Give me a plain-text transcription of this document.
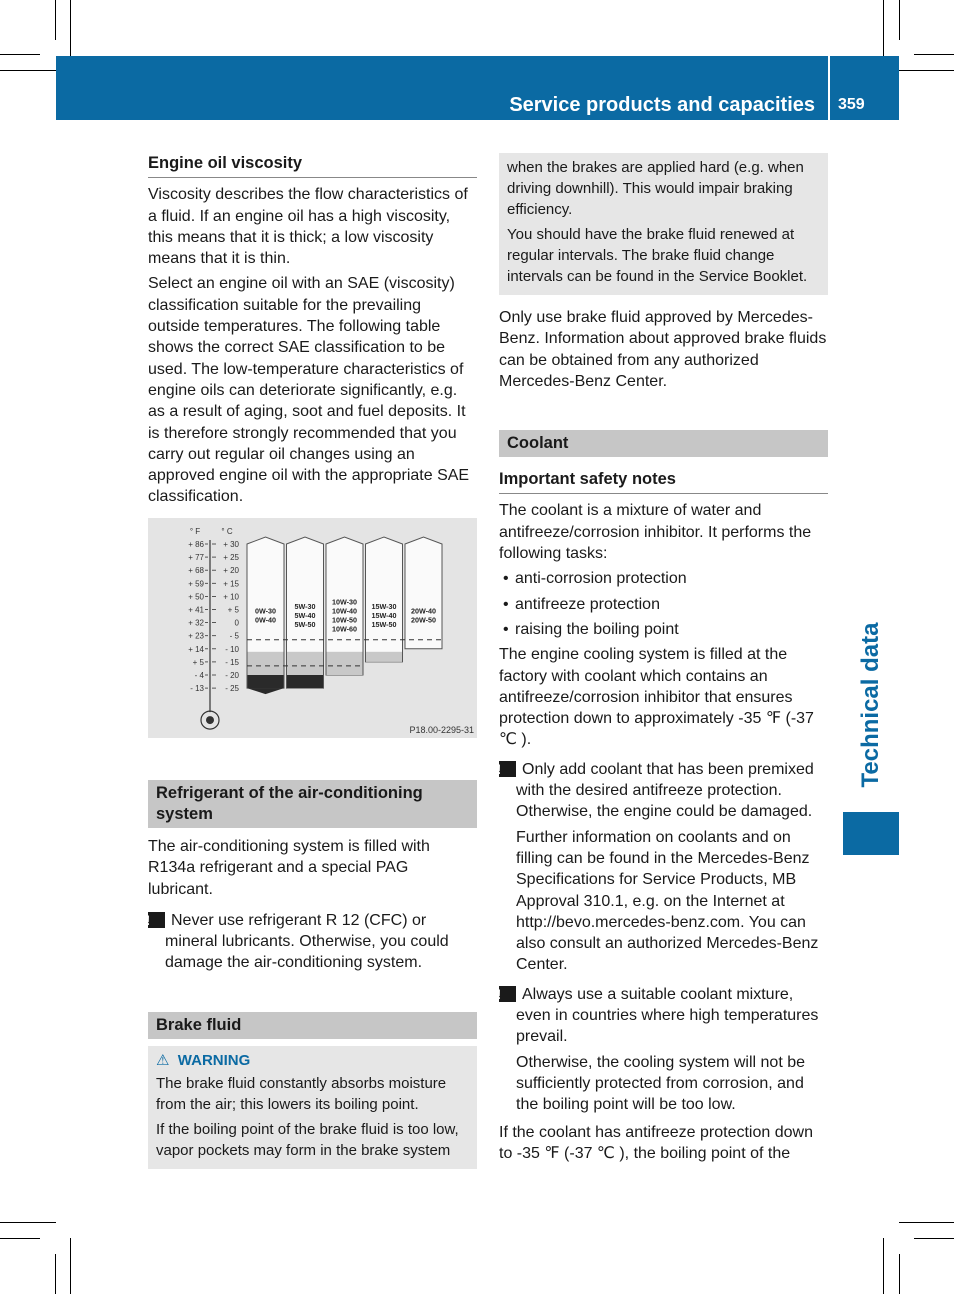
Service products and capacities 359
Technical data
Engine oil viscosity

Viscosity describes the flow characteristics of a fluid. If an engine oil has a high viscosity, this means that it is thick; a low viscosity means that it is thin.

Select an engine oil with an SAE (viscosity) classification suitable for the prevailing outside temperatures. The following table shows the correct SAE classification to be used. The low-temperature characteristics of engine oils can deteriorate significantly, e.g. as a result of aging, soot and fuel deposits. It is therefore strongly recommended that you carry out regular oil changes using an approved engine oil with the appropriate SAE classification.

° F	° C
+ 86
+ 77
+ 68
+ 59
+ 50
+ 41
+ 32
+ 23
+ 14
+ 5
- 4
- 13
+ 30
+ 25
+ 20
+ 15
+ 10
+ 5
0
- 5
- 10
- 15
- 20
- 25
0W-30
0W-40
5W-30
5W-40
5W-50
10W-30
10W-40
10W-50
10W-60
15W-30
15W-40
15W-50
20W-40
20W-50
P18.00-2295-31
Refrigerant of the air-conditioning system

The air-conditioning system is filled with R134a refrigerant and a special PAG lubricant.

! Never use refrigerant R 12 (CFC) or mineral lubricants. Otherwise, you could damage the air-conditioning system.

Brake fluid
⚠ WARNING

The brake fluid constantly absorbs moisture from the air; this lowers its boiling point.

If the boiling point of the brake fluid is too low, vapor pockets may form in the brake system

when the brakes are applied hard (e.g. when driving downhill). This would impair braking efficiency.

You should have the brake fluid renewed at regular intervals. The brake fluid change intervals can be found in the Service Booklet.

Only use brake fluid approved by Mercedes-Benz. Information about approved brake fluids can be obtained from any authorized Mercedes-Benz Center.

Coolant
Important safety notes

The coolant is a mixture of water and antifreeze/corrosion inhibitor. It performs the following tasks:

• anti-corrosion protection
• antifreeze protection
• raising the boiling point

The engine cooling system is filled at the factory with coolant which contains an antifreeze/corrosion inhibitor that ensures protection down to approximately -35 ℉ (-37 ℃ ).

! Only add coolant that has been premixed with the desired antifreeze protection. Otherwise, the engine could be damaged.

Further information on coolants and on filling can be found in the Mercedes-Benz Specifications for Service Products, MB Approval 310.1, e.g. on the Internet at http://bevo.mercedes-benz.com. You can also consult an authorized Mercedes-Benz Center.

! Always use a suitable coolant mixture, even in countries where high temperatures prevail.

Otherwise, the cooling system will not be sufficiently protected from corrosion, and the boiling point will be too low.

If the coolant has antifreeze protection down to -35 ℉ (-37 ℃ ), the boiling point of the
